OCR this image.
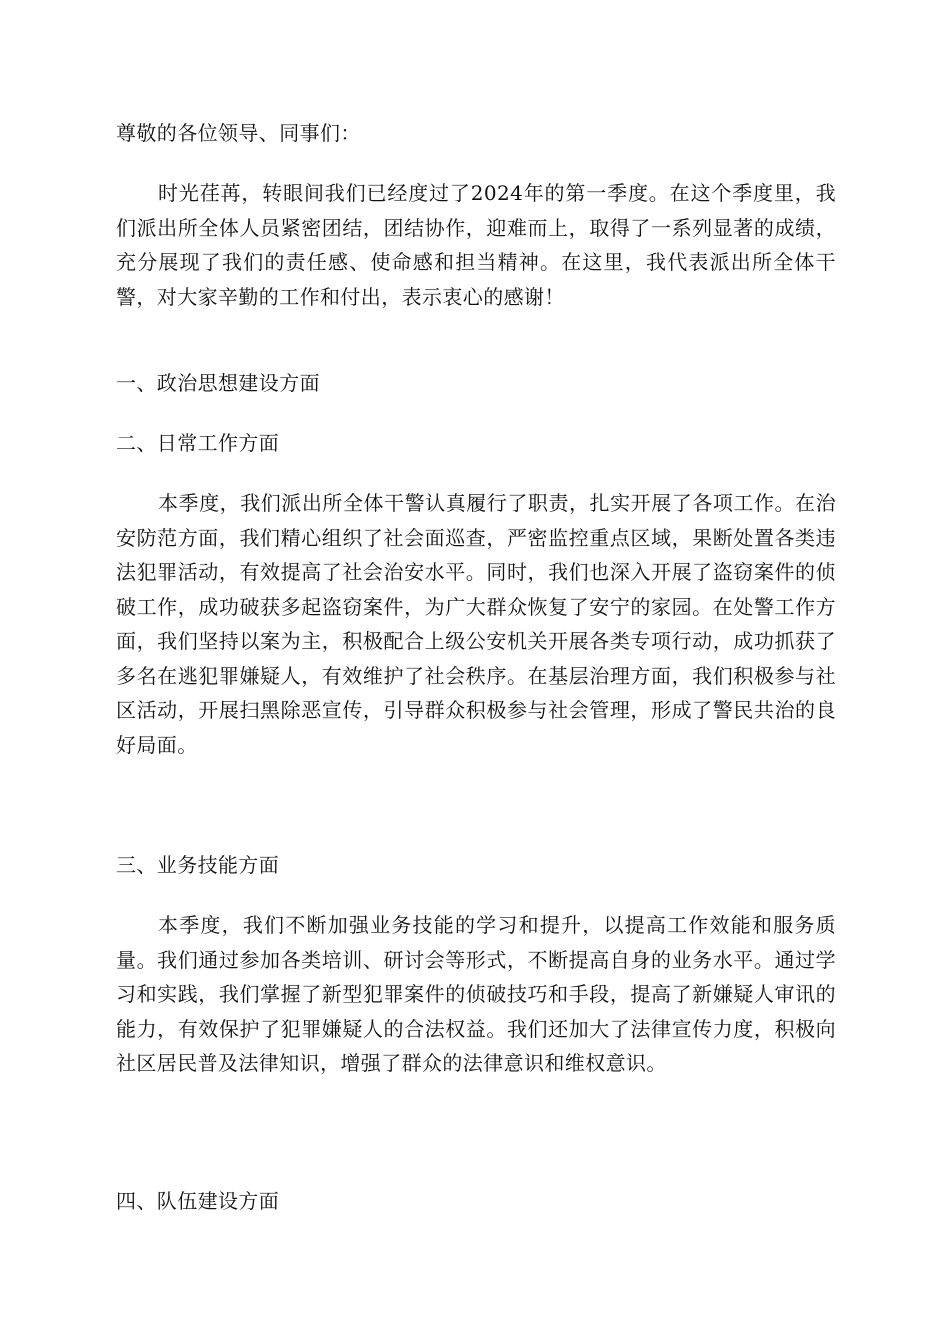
尊敬的各位领导、同事们：

时光荏苒，转眼间我们已经度过了2024年的第一季度。在这个季度里，我们派出所全体人员紧密团结，团结协作，迎难而上，取得了一系列显著的成绩，充分展现了我们的责任感、使命感和担当精神。在这里，我代表派出所全体干警，对大家辛勤的工作和付出，表示衷心的感谢！

一、政治思想建设方面

二、日常工作方面

本季度，我们派出所全体干警认真履行了职责，扎实开展了各项工作。在治安防范方面，我们精心组织了社会面巡查，严密监控重点区域，果断处置各类违法犯罪活动，有效提高了社会治安水平。同时，我们也深入开展了盗窃案件的侦破工作，成功破获多起盗窃案件，为广大群众恢复了安宁的家园。在处警工作方面，我们坚持以案为主，积极配合上级公安机关开展各类专项行动，成功抓获了多名在逃犯罪嫌疑人，有效维护了社会秩序。在基层治理方面，我们积极参与社区活动，开展扫黑除恶宣传，引导群众积极参与社会管理，形成了警民共治的良好局面。

三、业务技能方面

本季度，我们不断加强业务技能的学习和提升，以提高工作效能和服务质量。我们通过参加各类培训、研讨会等形式，不断提高自身的业务水平。通过学习和实践，我们掌握了新型犯罪案件的侦破技巧和手段，提高了新嫌疑人审讯的能力，有效保护了犯罪嫌疑人的合法权益。我们还加大了法律宣传力度，积极向社区居民普及法律知识，增强了群众的法律意识和维权意识。

四、队伍建设方面
